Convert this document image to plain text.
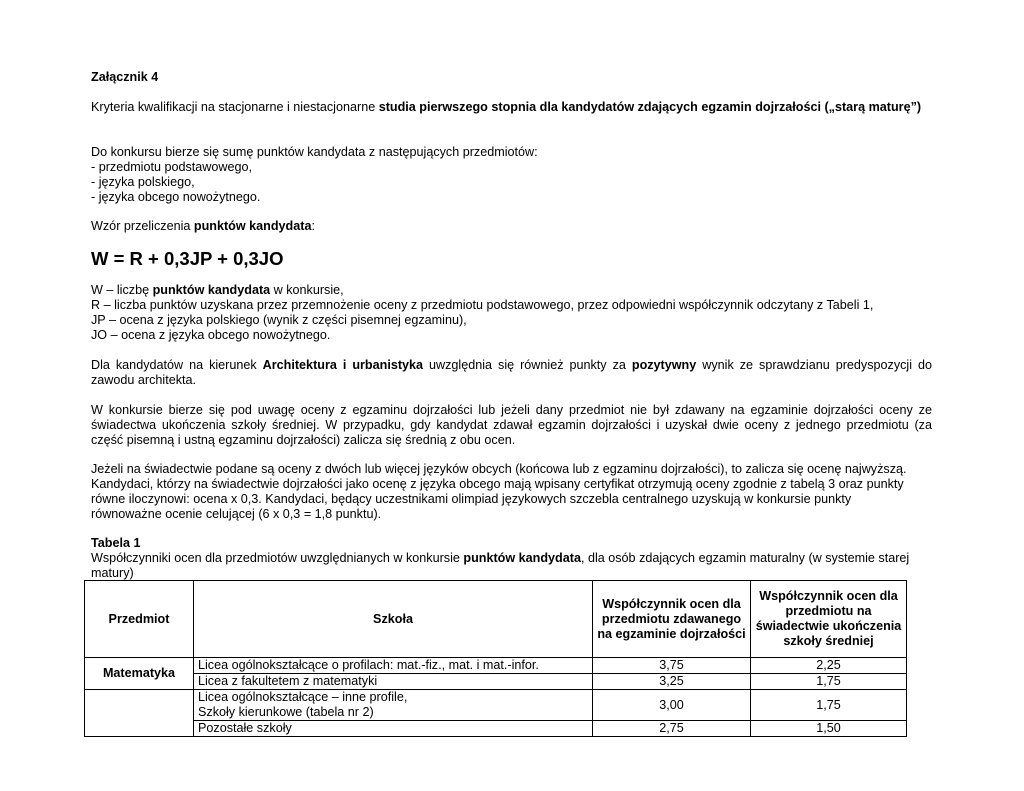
Załącznik 4

Kryteria kwalifikacji na stacjonarne i niestacjonarne studia pierwszego stopnia dla kandydatów zdających egzamin dojrzałości („starą maturę”)

Do konkursu bierze się sumę punktów kandydata z następujących przedmiotów:
- przedmiotu podstawowego,
- języka polskiego,
- języka obcego nowożytnego.

Wzór przeliczenia punktów kandydata:

W = R + 0,3JP + 0,3JO

W – liczbę punktów kandydata w konkursie,
R – liczba punktów uzyskana przez przemnożenie oceny z przedmiotu podstawowego, przez odpowiedni współczynnik odczytany z Tabeli 1,
JP – ocena z języka polskiego (wynik z części pisemnej egzaminu),
JO – ocena z języka obcego nowożytnego.

Dla kandydatów na kierunek Architektura i urbanistyka uwzględnia się również punkty za pozytywny wynik ze sprawdzianu predyspozycji do zawodu architekta.

W konkursie bierze się pod uwagę oceny z egzaminu dojrzałości lub jeżeli dany przedmiot nie był zdawany na egzaminie dojrzałości oceny ze
świadectwa ukończenia szkoły średniej. W przypadku, gdy kandydat zdawał egzamin dojrzałości i uzyskał dwie oceny z jednego przedmiotu (za
część pisemną i ustną egzaminu dojrzałości) zalicza się średnią z obu ocen.
Jeżeli na świadectwie podane są oceny z dwóch lub więcej języków obcych (końcowa lub z egzaminu dojrzałości), to zalicza się ocenę najwyższą.
Kandydaci, którzy na świadectwie dojrzałości jako ocenę z języka obcego mają wpisany certyfikat otrzymują oceny zgodnie z tabelą 3 oraz punkty
równe iloczynowi: ocena x 0,3. Kandydaci, będący uczestnikami olimpiad językowych szczebla centralnego uzyskują w konkursie punkty
równoważne ocenie celującej (6 x 0,3 = 1,8 punktu).

Tabela 1

Współczynniki ocen dla przedmiotów uwzględnianych w konkursie punktów kandydata, dla osób zdających egzamin maturalny (w systemie starej matury)

Przedmiot	Szkoła	Współczynnik ocen dla przedmiotu zdawanego na egzaminie dojrzałości	Współczynnik ocen dla przedmiotu na świadectwie ukończenia szkoły średniej
Matematyka	Licea ogólnokształcące o profilach: mat.-fiz., mat. i mat.-infor.	3,75	2,25
	Licea z fakultetem z matematyki	3,25	1,75

	Licea ogólnokształcące – inne profile,
Szkoły kierunkowe (tabela nr 2)	3,00	1,75
	Pozostałe szkoły	2,75	1,50
